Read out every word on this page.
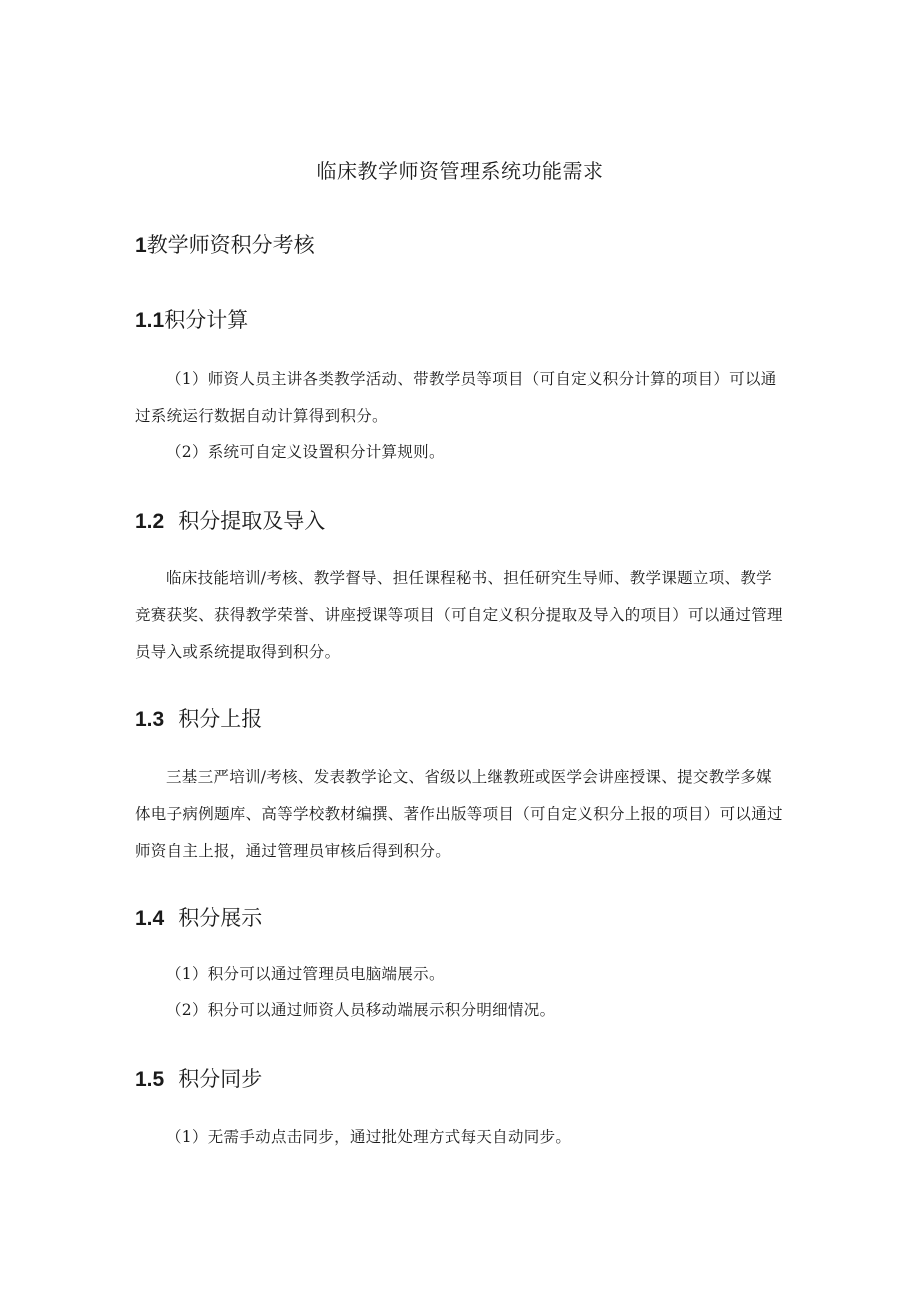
临床教学师资管理系统功能需求
1教学师资积分考核
1.1积分计算
（1）师资人员主讲各类教学活动、带教学员等项目（可自定义积分计算的项目）可以通过系统运行数据自动计算得到积分。
（2）系统可自定义设置积分计算规则。
1.2 积分提取及导入
临床技能培训/考核、教学督导、担任课程秘书、担任研究生导师、教学课题立项、教学竞赛获奖、获得教学荣誉、讲座授课等项目（可自定义积分提取及导入的项目）可以通过管理员导入或系统提取得到积分。
1.3 积分上报
三基三严培训/考核、发表教学论文、省级以上继教班或医学会讲座授课、提交教学多媒体电子病例题库、高等学校教材编撰、著作出版等项目（可自定义积分上报的项目）可以通过师资自主上报，通过管理员审核后得到积分。
1.4 积分展示
（1）积分可以通过管理员电脑端展示。
（2）积分可以通过师资人员移动端展示积分明细情况。
1.5 积分同步
（1）无需手动点击同步，通过批处理方式每天自动同步。
